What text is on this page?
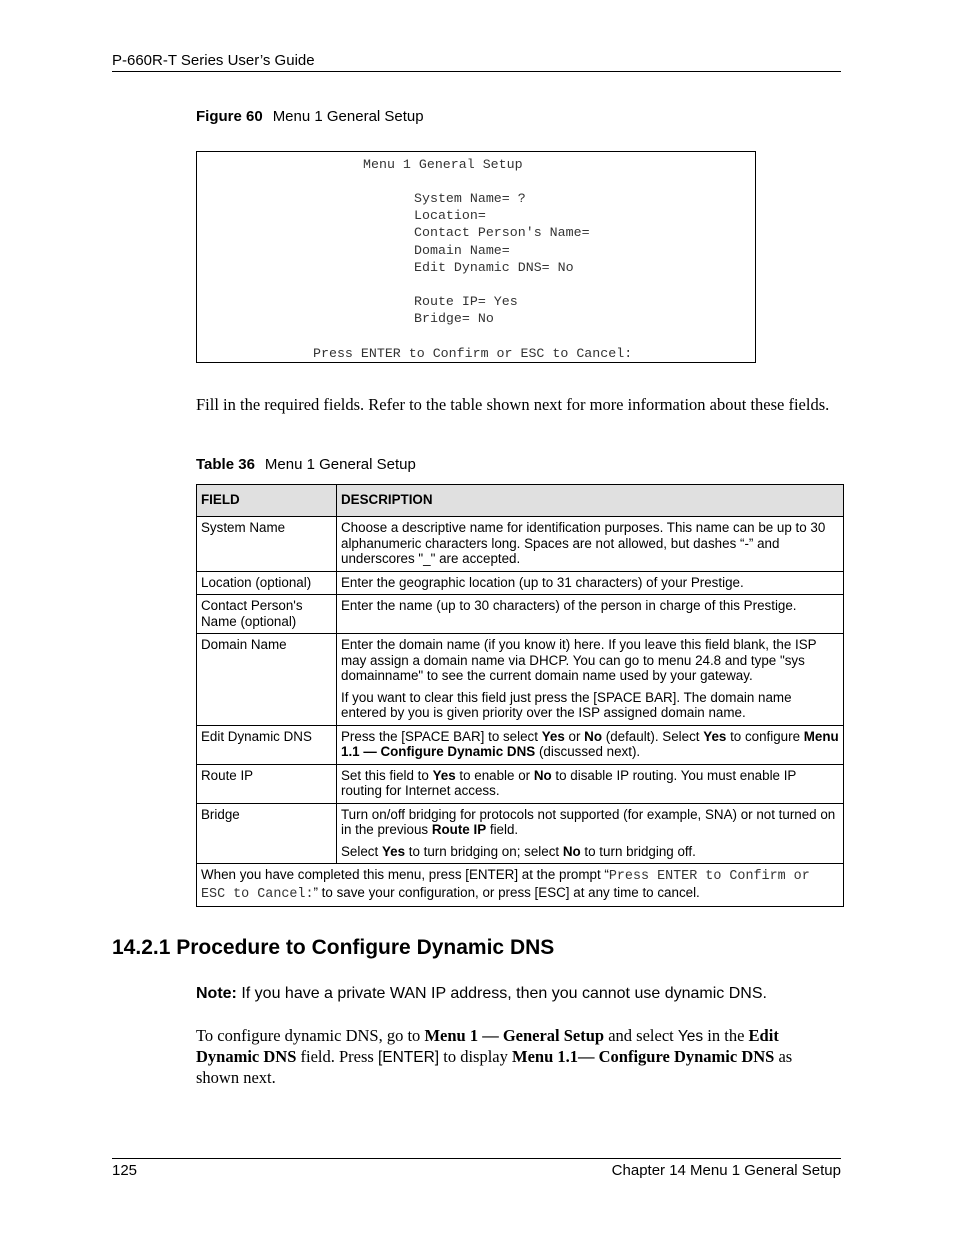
P-660R-T Series User’s Guide
Figure 60 Menu 1 General Setup
Menu 1 General Setup
System Name= ?
Location=
Contact Person's Name=
Domain Name=
Edit Dynamic DNS= No
Route IP= Yes
Bridge= No
Press ENTER to Confirm or ESC to Cancel:
Fill in the required fields. Refer to the table shown next for more information about these fields.
Table 36 Menu 1 General Setup
FIELD	DESCRIPTION
System Name	Choose a descriptive name for identification purposes. This name can be up to 30 alphanumeric characters long. Spaces are not allowed, but dashes “-” and underscores "_" are accepted.
Location (optional)	Enter the geographic location (up to 31 characters) of your Prestige.
Contact Person's Name (optional)	Enter the name (up to 30 characters) of the person in charge of this Prestige.
Domain Name	Enter the domain name (if you know it) here. If you leave this field blank, the ISP may assign a domain name via DHCP. You can go to menu 24.8 and type "sys domainname" to see the current domain name used by your gateway.

If you want to clear this field just press the [SPACE BAR]. The domain name entered by you is given priority over the ISP assigned domain name.

Edit Dynamic DNS	Press the [SPACE BAR] to select Yes or No (default). Select Yes to configure Menu 1.1 — Configure Dynamic DNS (discussed next).
Route IP	Set this field to Yes to enable or No to disable IP routing. You must enable IP routing for Internet access.
Bridge	Turn on/off bridging for protocols not supported (for example, SNA) or not turned on in the previous Route IP field.

Select Yes to turn bridging on; select No to turn bridging off.

When you have completed this menu, press [ENTER] at the prompt “Press ENTER to Confirm or ESC to Cancel:” to save your configuration, or press [ESC] at any time to cancel.	
14.2.1 Procedure to Configure Dynamic DNS
Note: If you have a private WAN IP address, then you cannot use dynamic DNS.
To configure dynamic DNS, go to Menu 1 — General Setup and select Yes in the Edit Dynamic DNS field. Press [ENTER] to display Menu 1.1— Configure Dynamic DNS as shown next.
125	Chapter 14 Menu 1 General Setup
